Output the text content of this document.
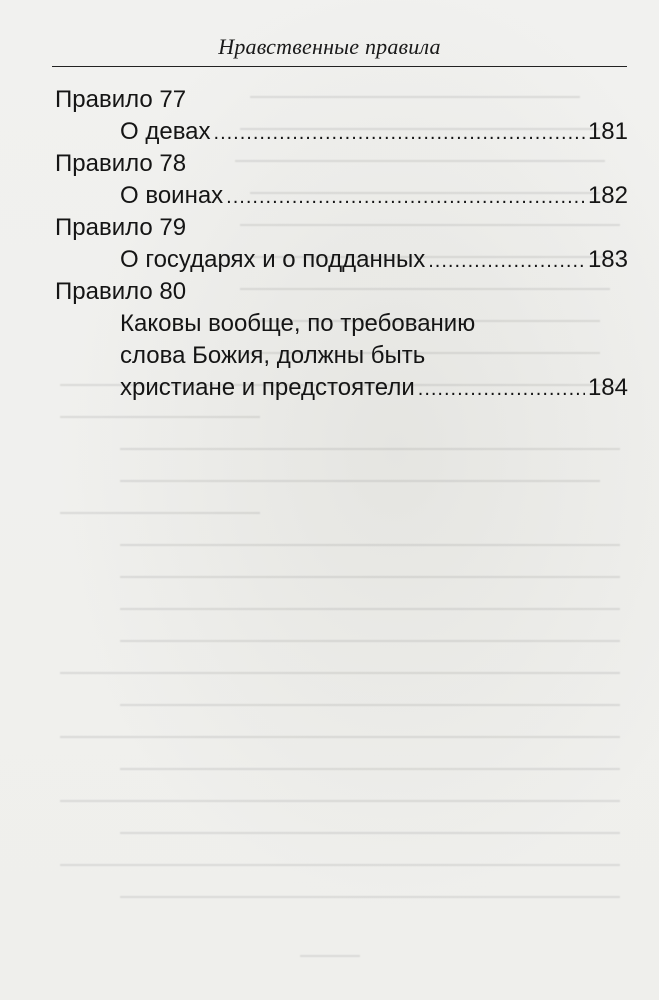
Нравственные правила
Правило 77
О девах .....	181
Правило 78
О воинах .....	182
Правило 79
О государях и о подданных .....	183
Правило 80
Каковы вообще, по требованию
слова Божия, должны быть
христиане и предстоятели .....	184
